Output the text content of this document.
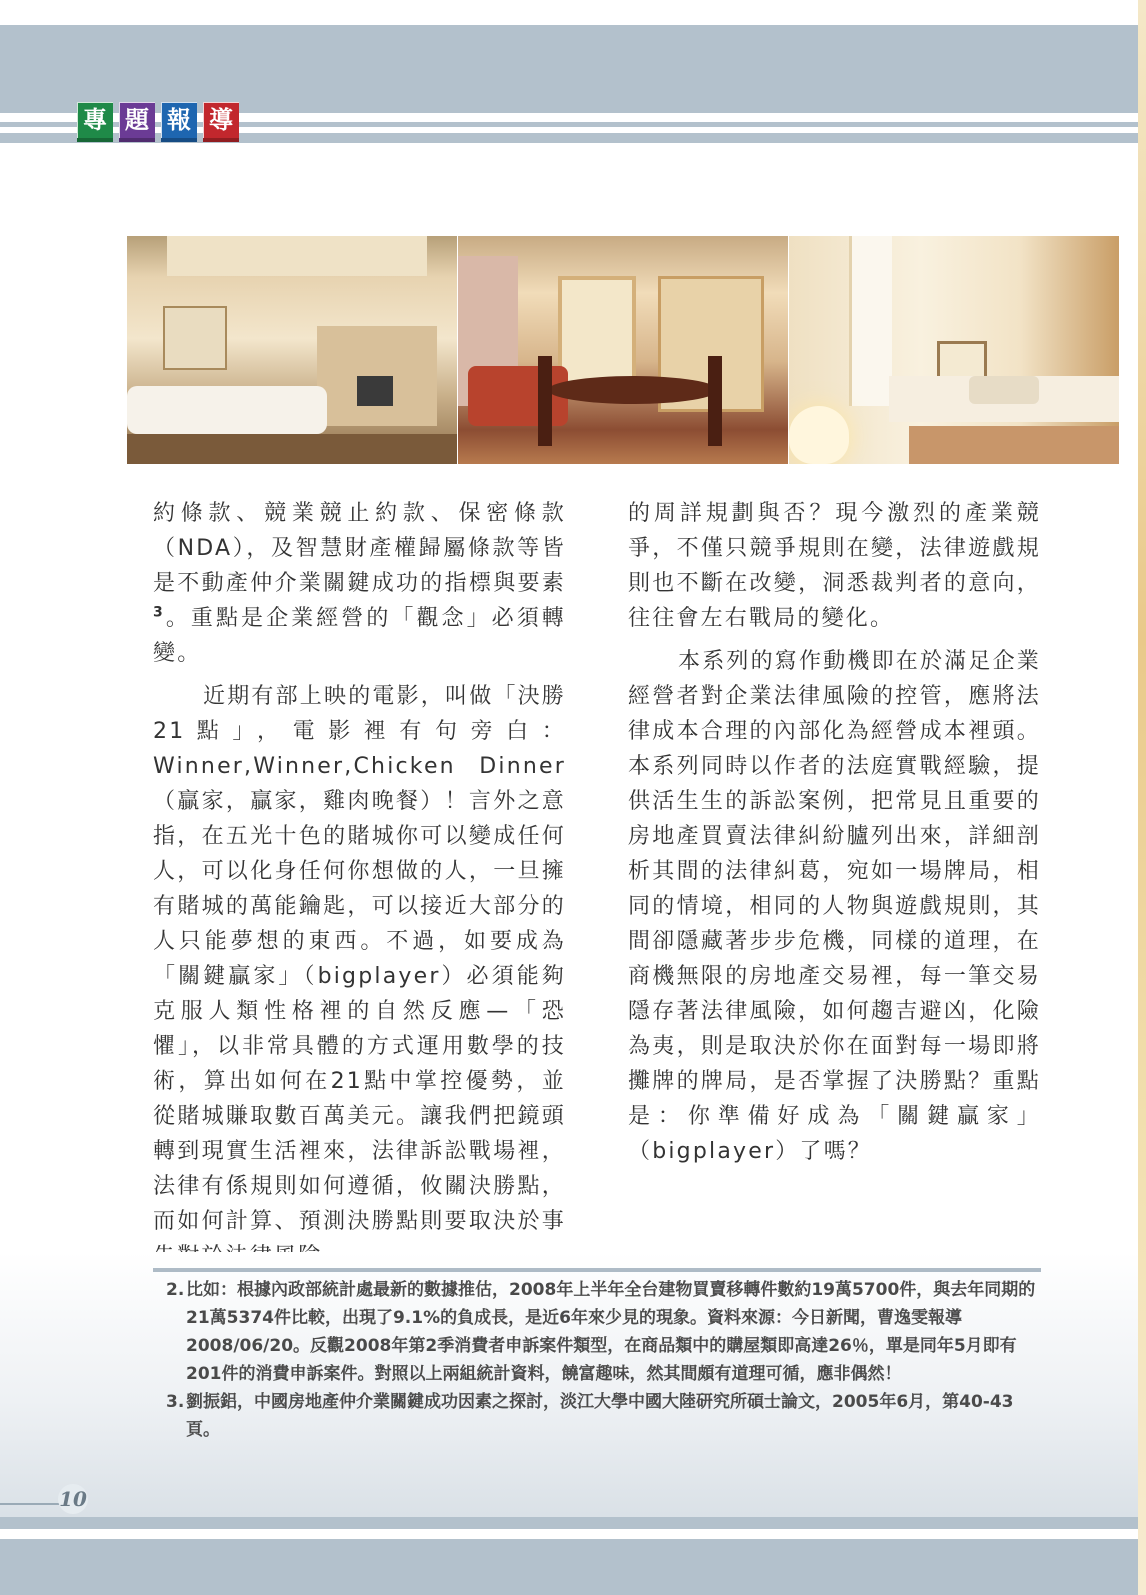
專 題 報 導

約條款、競業競止約款、保密條款（NDA），及智慧財產權歸屬條款等皆是不動產仲介業關鍵成功的指標與要素$^3$。重點是企業經營的「觀念」必須轉變。

近期有部上映的電影，叫做「決勝21點」，電影裡有句旁白：Winner,Winner,Chicken Dinner（贏家，贏家，雞肉晚餐）！言外之意指，在五光十色的賭城你可以變成任何人，可以化身任何你想做的人，一旦擁有賭城的萬能鑰匙，可以接近大部分的人只能夢想的東西。不過，如要成為「關鍵贏家」（bigplayer）必須能夠克服人類性格裡的自然反應—「恐懼」，以非常具體的方式運用數學的技術，算出如何在21點中掌控優勢，並從賭城賺取數百萬美元。讓我們把鏡頭轉到現實生活裡來，法律訴訟戰場裡，法律有係規則如何遵循，攸關決勝點，而如何計算、預測決勝點則要取決於事

的周詳規劃與否？現今激烈的產業競爭，不僅只競爭規則在變，法律遊戲規則也不斷在改變，洞悉裁判者的意向，往往會左右戰局的變化。

本系列的寫作動機即在於滿足企業經營者對企業法律風險的控管，應將法律成本合理的內部化為經營成本裡頭。本系列同時以作者的法庭實戰經驗，提供活生生的訴訟案例，把常見且重要的房地產買賣法律糾紛臚列出來，詳細剖析其間的法律糾葛，宛如一場牌局，相同的情境，相同的人物與遊戲規則，其間卻隱藏著步步危機，同樣的道理，在商機無限的房地產交易裡，每一筆交易隱存著法律風險，如何趨吉避凶，化險為夷，則是取決於你在面對每一場即將攤牌的牌局，是否掌握了決勝點？重點是：你準備好成為「關鍵贏家」（bigplayer）了嗎？

2. 比如：根據內政部統計處最新的數據推估，2008年上半年全台建物買賣移轉件數約19萬5700件，與去年同期的21萬5374件比較，出現了9.1%的負成長，是近6年來少見的現象。資料來源：今日新聞，曹逸雯報導2008/06/20。反觀2008年第2季消費者申訴案件類型，在商品類中的購屋類即高達26％，單是同年5月即有201件的消費申訴案件。對照以上兩組統計資料，饒富趣味，然其間頗有道理可循，應非偶然！
3. 劉振鋁，中國房地產仲介業關鍵成功因素之探討，淡江大學中國大陸研究所碩士論文，2005年6月，第40-43頁。
10
